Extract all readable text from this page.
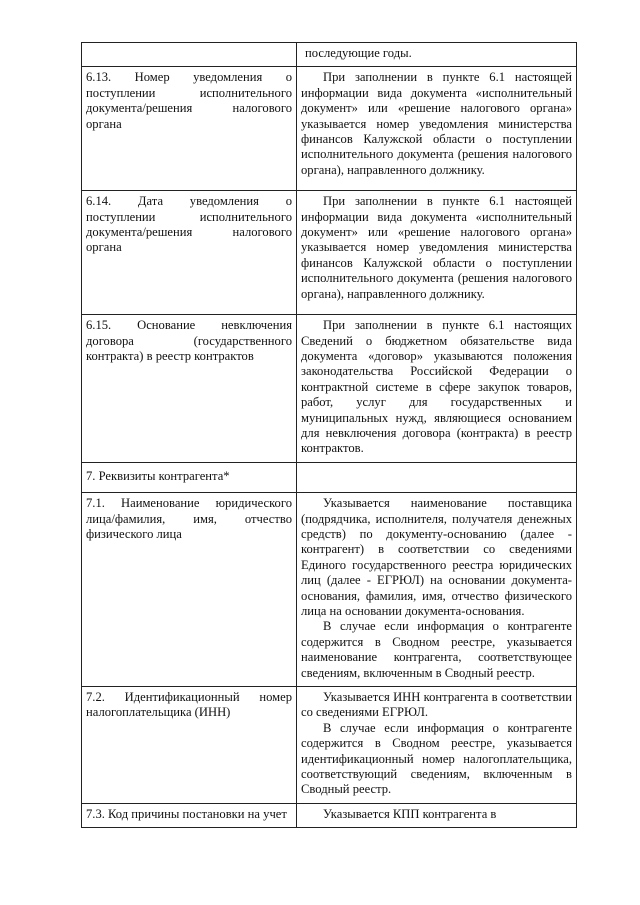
	последующие годы.

6.13. Номер уведомления о поступлении исполнительного документа/решения налогового органа	При заполнении в пункте 6.1 настоящей информации вида документа «исполнительный документ» или «решение налогового органа» указывается номер уведомления министерства финансов Калужской области о поступлении исполнительного документа (решения налогового органа), направленного должнику.

6.14. Дата уведомления о поступлении исполнительного документа/решения налогового органа	При заполнении в пункте 6.1 настоящей информации вида документа «исполнительный документ» или «решение налогового органа» указывается номер уведомления министерства финансов Калужской области о поступлении исполнительного документа (решения налогового органа), направленного должнику.

6.15. Основание невключения договора (государственного контракта) в реестр контрактов	При заполнении в пункте 6.1 настоящих Сведений о бюджетном обязательстве вида документа «договор» указываются положения законодательства Российской Федерации о контрактной системе в сфере закупок товаров, работ, услуг для государственных и муниципальных нужд, являющиеся основанием для невключения договора (контракта) в реестр контрактов.

7. Реквизиты контрагента*	
7.1. Наименование юридического лица/фамилия, имя, отчество физического лица	Указывается наименование поставщика (подрядчика, исполнителя, получателя денежных средств) по документу-основанию (далее - контрагент) в соответствии со сведениями Единого государственного реестра юридических лиц (далее - ЕГРЮЛ) на основании документа-основания, фамилия, имя, отчество физического лица на основании документа-основания.

В случае если информация о контрагенте содержится в Сводном реестре, указывается наименование контрагента, соответствующее сведениям, включенным в Сводный реестр.

7.2. Идентификационный номер налогоплательщика (ИНН)	Указывается ИНН контрагента в соответствии со сведениями ЕГРЮЛ.

В случае если информация о контрагенте содержится в Сводном реестре, указывается идентификационный номер налогоплательщика, соответствующий сведениям, включенным в Сводный реестр.

7.3. Код причины постановки на учет	Указывается КПП контрагента в
